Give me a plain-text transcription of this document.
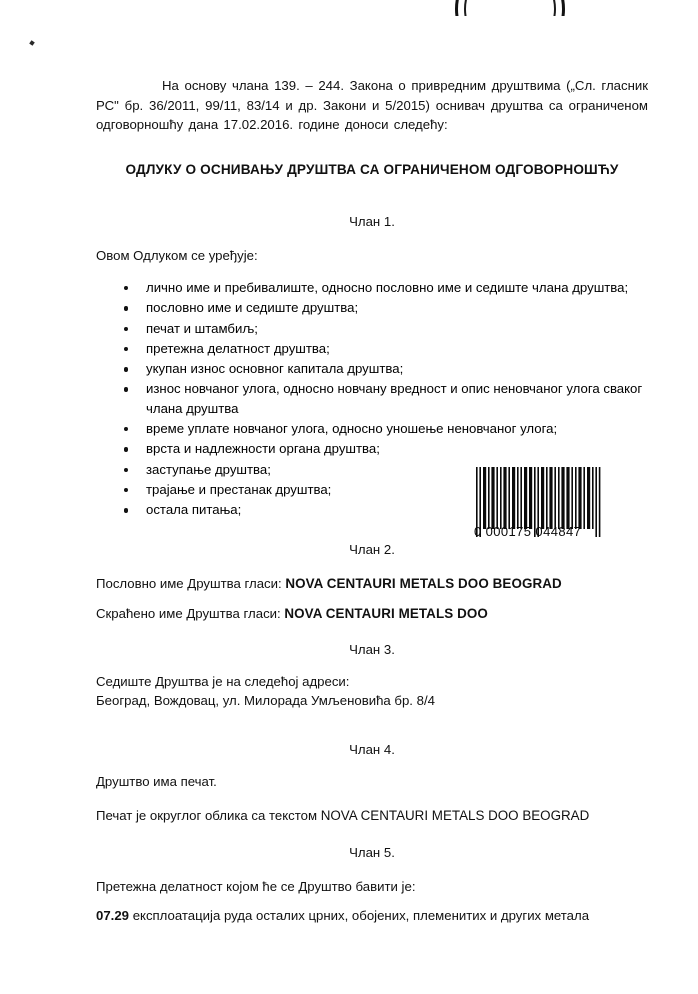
ЕОГРАД
На основу члана 139. – 244. Закона о привредним друштвима („Сл. гласник РС" бр. 36/2011, 99/11, 83/14 и др. Закони и 5/2015) оснивач друштва са ограниченом одговорношћу дана 17.02.2016. године доноси следећу:
ОДЛУКУ О ОСНИВАЊУ ДРУШТВА СА ОГРАНИЧЕНОМ ОДГОВОРНОШЋУ
Члан 1.
Овом Одлуком се уређује:
лично име и пребивалиште, односно пословно име и седиште члана друштва;
пословно име и седиште друштва;
печат и штамбиљ;
претежна делатност друштва;
укупан износ основног капитала друштва;
износ новчаног улога, односно новчану вредност и опис неновчаног улога сваког члана друштва
време уплате новчаног улога, односно уношење неновчаног улога;
врста и надлежности органа друштва;
заступање друштва;
трајање и престанак друштва;
остала питања;
0 000175 044847
Члан 2.
Пословно име Друштва гласи: NOVA CENTAURI METALS DOO BEOGRAD
Скраћено име Друштва гласи: NOVA CENTAURI METALS DOO
Члан 3.
Седиште Друштва је на следећој адреси:
Београд, Вождовац, ул. Милорада Умљеновића бр. 8/4
Члан 4.
Друштво има печат.
Печат је округлог облика са текстом NOVA CENTAURI METALS DOO BEOGRAD
Члан 5.
Претежна делатност којом ће се Друштво бавити је:
07.29 експлоатација руда осталих црних, обојених, племенитих и других метала
